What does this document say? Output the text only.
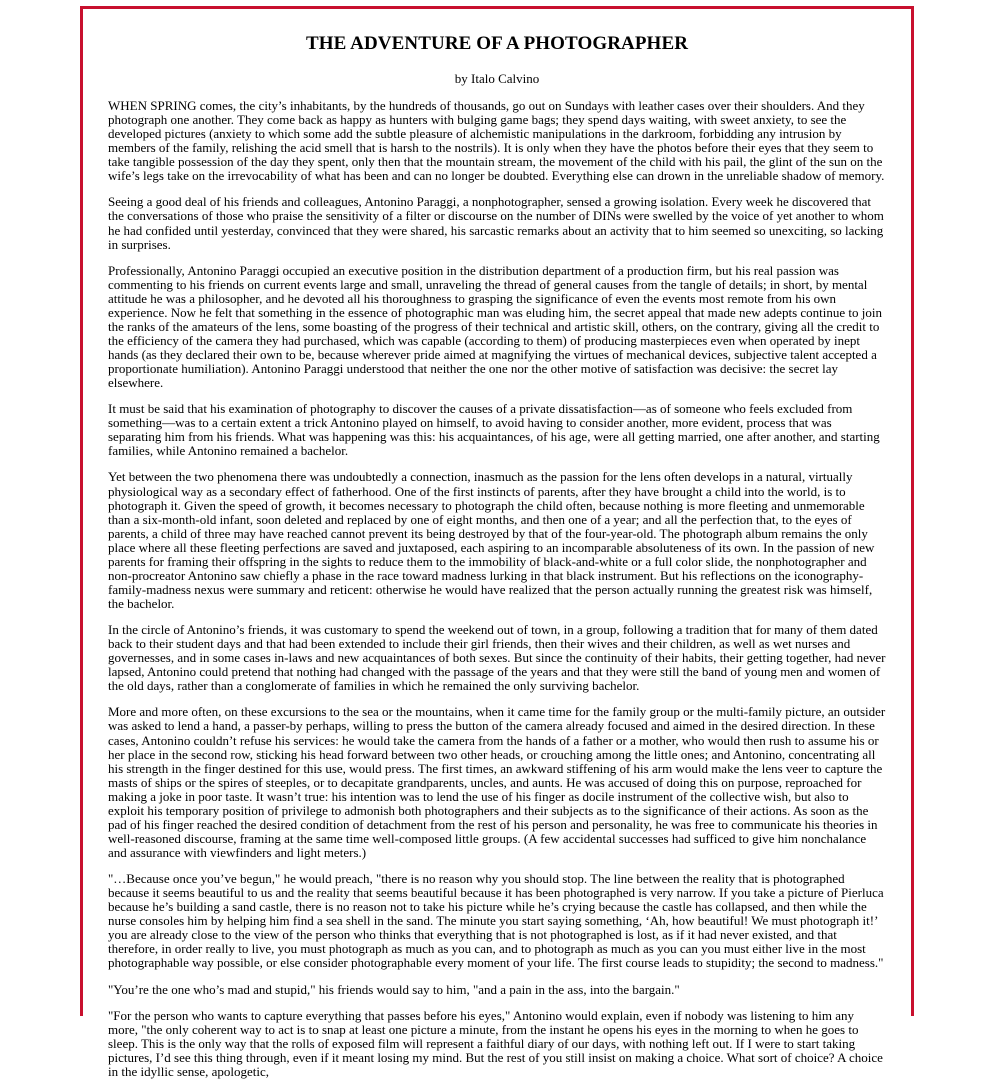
THE ADVENTURE OF A PHOTOGRAPHER

by Italo Calvino

WHEN SPRING comes, the city’s inhabitants, by the hundreds of thousands, go out on Sundays with leather cases over their shoulders. And they photograph one another. They come back as happy as hunters with bulging game bags; they spend days waiting, with sweet anxiety, to see the developed pictures (anxiety to which some add the subtle pleasure of alchemistic manipulations in the darkroom, forbidding any intrusion by members of the family, relishing the acid smell that is harsh to the nostrils). It is only when they have the photos before their eyes that they seem to take tangible possession of the day they spent, only then that the mountain stream, the movement of the child with his pail, the glint of the sun on the wife’s legs take on the irrevocability of what has been and can no longer be doubted. Everything else can drown in the unreliable shadow of memory.

Seeing a good deal of his friends and colleagues, Antonino Paraggi, a nonphotographer, sensed a growing isolation. Every week he discovered that the conversations of those who praise the sensitivity of a filter or discourse on the number of DINs were swelled by the voice of yet another to whom he had confided until yesterday, convinced that they were shared, his sarcastic remarks about an activity that to him seemed so unexciting, so lacking in surprises.

Professionally, Antonino Paraggi occupied an executive position in the distribution department of a production firm, but his real passion was commenting to his friends on current events large and small, unraveling the thread of general causes from the tangle of details; in short, by mental attitude he was a philosopher, and he devoted all his thoroughness to grasping the significance of even the events most remote from his own experience. Now he felt that something in the essence of photographic man was eluding him, the secret appeal that made new adepts continue to join the ranks of the amateurs of the lens, some boasting of the progress of their technical and artistic skill, others, on the contrary, giving all the credit to the efficiency of the camera they had purchased, which was capable (according to them) of producing masterpieces even when operated by inept hands (as they declared their own to be, because wherever pride aimed at magnifying the virtues of mechanical devices, subjective talent accepted a proportionate humiliation). Antonino Paraggi understood that neither the one nor the other motive of satisfaction was decisive: the secret lay elsewhere.

It must be said that his examination of photography to discover the causes of a private dissatisfaction—as of someone who feels excluded from something—was to a certain extent a trick Antonino played on himself, to avoid having to consider another, more evident, process that was separating him from his friends. What was happening was this: his acquaintances, of his age, were all getting married, one after another, and starting families, while Antonino remained a bachelor.

Yet between the two phenomena there was undoubtedly a connection, inasmuch as the passion for the lens often develops in a natural, virtually physiological way as a secondary effect of fatherhood. One of the first instincts of parents, after they have brought a child into the world, is to photograph it. Given the speed of growth, it becomes necessary to photograph the child often, because nothing is more fleeting and unmemorable than a six-month-old infant, soon deleted and replaced by one of eight months, and then one of a year; and all the perfection that, to the eyes of parents, a child of three may have reached cannot prevent its being destroyed by that of the four-year-old. The photograph album remains the only place where all these fleeting perfections are saved and juxtaposed, each aspiring to an incomparable absoluteness of its own. In the passion of new parents for framing their offspring in the sights to reduce them to the immobility of black-and-white or a full color slide, the nonphotographer and non-procreator Antonino saw chiefly a phase in the race toward madness lurking in that black instrument. But his reflections on the iconography-family-madness nexus were summary and reticent: otherwise he would have realized that the person actually running the greatest risk was himself, the bachelor.

In the circle of Antonino’s friends, it was customary to spend the weekend out of town, in a group, following a tradition that for many of them dated back to their student days and that had been extended to include their girl friends, then their wives and their children, as well as wet nurses and governesses, and in some cases in-laws and new acquaintances of both sexes. But since the continuity of their habits, their getting together, had never lapsed, Antonino could pretend that nothing had changed with the passage of the years and that they were still the band of young men and women of the old days, rather than a conglomerate of families in which he remained the only surviving bachelor.

More and more often, on these excursions to the sea or the mountains, when it came time for the family group or the multi-family picture, an outsider was asked to lend a hand, a passer-by perhaps, willing to press the button of the camera already focused and aimed in the desired direction. In these cases, Antonino couldn’t refuse his services: he would take the camera from the hands of a father or a mother, who would then rush to assume his or her place in the second row, sticking his head forward between two other heads, or crouching among the little ones; and Antonino, concentrating all his strength in the finger destined for this use, would press. The first times, an awkward stiffening of his arm would make the lens veer to capture the masts of ships or the spires of steeples, or to decapitate grandparents, uncles, and aunts. He was accused of doing this on purpose, reproached for making a joke in poor taste. It wasn’t true: his intention was to lend the use of his finger as docile instrument of the collective wish, but also to exploit his temporary position of privilege to admonish both photographers and their subjects as to the significance of their actions. As soon as the pad of his finger reached the desired condition of detachment from the rest of his person and personality, he was free to communicate his theories in well-reasoned discourse, framing at the same time well-composed little groups. (A few accidental successes had sufficed to give him nonchalance and assurance with viewfinders and light meters.)

"…Because once you’ve begun," he would preach, "there is no reason why you should stop. The line between the reality that is photographed because it seems beautiful to us and the reality that seems beautiful because it has been photographed is very narrow. If you take a picture of Pierluca because he’s building a sand castle, there is no reason not to take his picture while he’s crying because the castle has collapsed, and then while the nurse consoles him by helping him find a sea shell in the sand. The minute you start saying something, ‘Ah, how beautiful! We must photograph it!’ you are already close to the view of the person who thinks that everything that is not photographed is lost, as if it had never existed, and that therefore, in order really to live, you must photograph as much as you can, and to photograph as much as you can you must either live in the most photographable way possible, or else consider photographable every moment of your life. The first course leads to stupidity; the second to madness."

"You’re the one who’s mad and stupid," his friends would say to him, "and a pain in the ass, into the bargain."

"For the person who wants to capture everything that passes before his eyes," Antonino would explain, even if nobody was listening to him any more, "the only coherent way to act is to snap at least one picture a minute, from the instant he opens his eyes in the morning to when he goes to sleep. This is the only way that the rolls of exposed film will represent a faithful diary of our days, with nothing left out. If I were to start taking pictures, I’d see this thing through, even if it meant losing my mind. But the rest of you still insist on making a choice. What sort of choice? A choice in the idyllic sense, apologetic,
